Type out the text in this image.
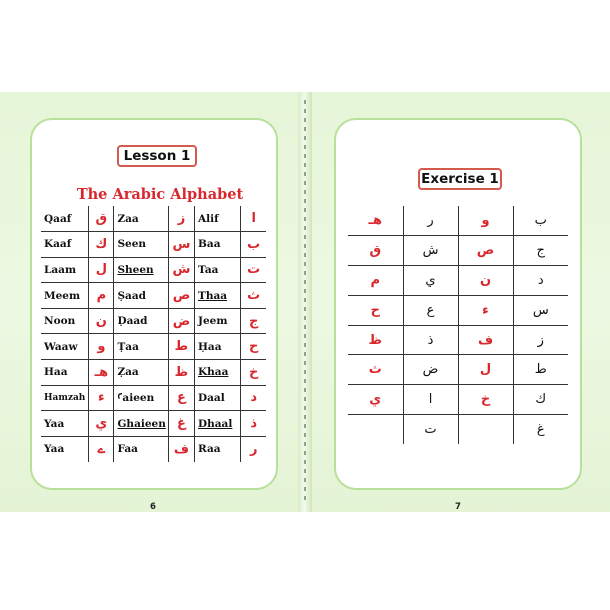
Lesson 1
The Arabic Alphabet
Qaaf	ق	Zaa	ز	Alif	ا
Kaaf	ك	Seen	س	Baa	ب
Laam	ل	Sheen	ش	Taa	ت
Meem	م	Ṣaad	ص	Thaa	ث
Noon	ن	Ḍaad	ض	Jeem	ج
Waaw	و	Ṭaa	ط	Ḥaa	ح
Haa	هـ	Ẓaa	ظ	Khaa	خ
Hamzah	ء	Ꜥaieen	ع	Daal	د
Yaa	ي	Ghaieen	غ	Dhaal	ذ
Yaa	ے	Faa	ف	Raa	ر
Exercise 1
هـ	ر	و	ب
ق	ش	ص	ج
م	ي	ن	د
ح	ع	ء	س
ظ	ذ	ف	ز
ث	ض	ل	ط
ي	ا	خ	ك
	ت		غ
6	7
